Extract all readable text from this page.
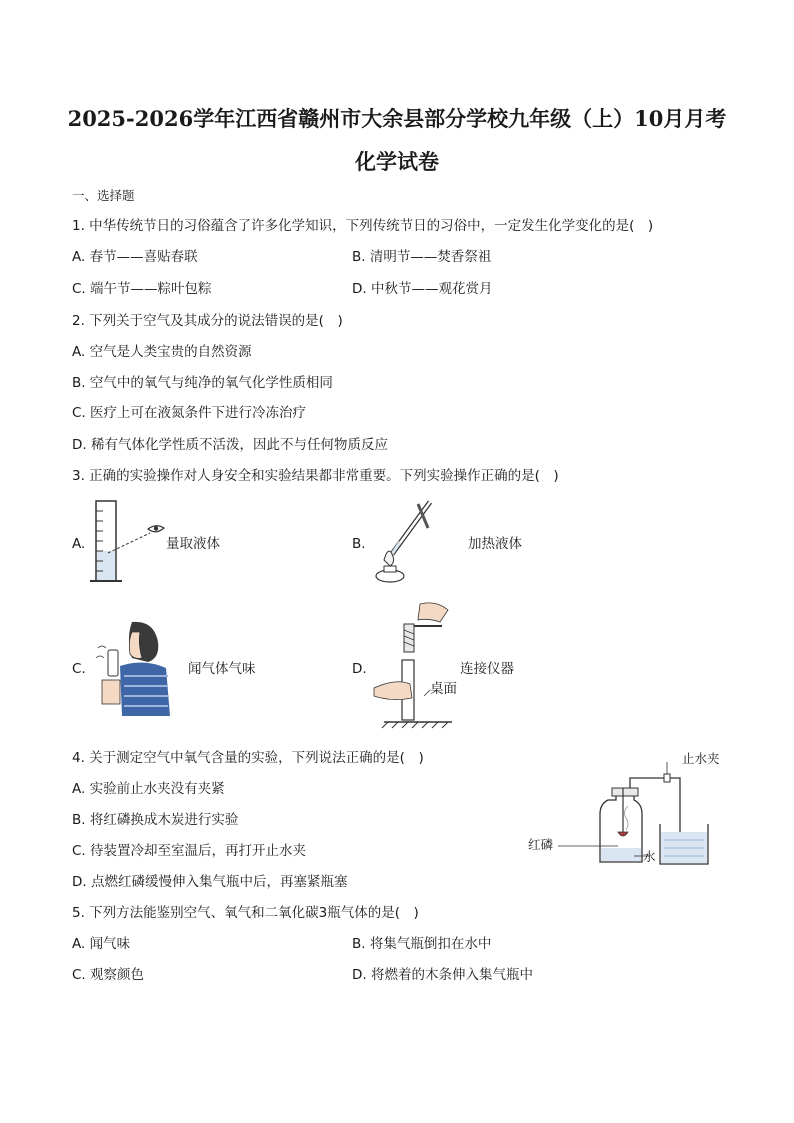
2025-2026学年江西省赣州市大余县部分学校九年级（上）10月月考
化学试卷
一、选择题
1. 中华传统节日的习俗蕴含了许多化学知识，下列传统节日的习俗中，一定发生化学变化的是(　)
A. 春节——喜贴春联	B. 清明节——焚香祭祖
C. 端午节——粽叶包粽	D. 中秋节——观花赏月
2. 下列关于空气及其成分的说法错误的是(　)
A. 空气是人类宝贵的自然资源
B. 空气中的氧气与纯净的氧气化学性质相同
C. 医疗上可在液氮条件下进行冷冻治疗
D. 稀有气体化学性质不活泼，因此不与任何物质反应
3. 正确的实验操作对人身安全和实验结果都非常重要。下列实验操作正确的是(　)
A.	量取液体	B.	加热液体
C.	闻气体气味	D.
桌面
连接仪器
4. 关于测定空气中氧气含量的实验，下列说法正确的是(　)
A. 实验前止水夹没有夹紧
B. 将红磷换成木炭进行实验
C. 待装置冷却至室温后，再打开止水夹
D. 点燃红磷缓慢伸入集气瓶中后，再塞紧瓶塞
止水夹
红磷
水
5. 下列方法能鉴别空气、氧气和二氧化碳3瓶气体的是(　)
A. 闻气味	B. 将集气瓶倒扣在水中
C. 观察颜色	D. 将燃着的木条伸入集气瓶中
